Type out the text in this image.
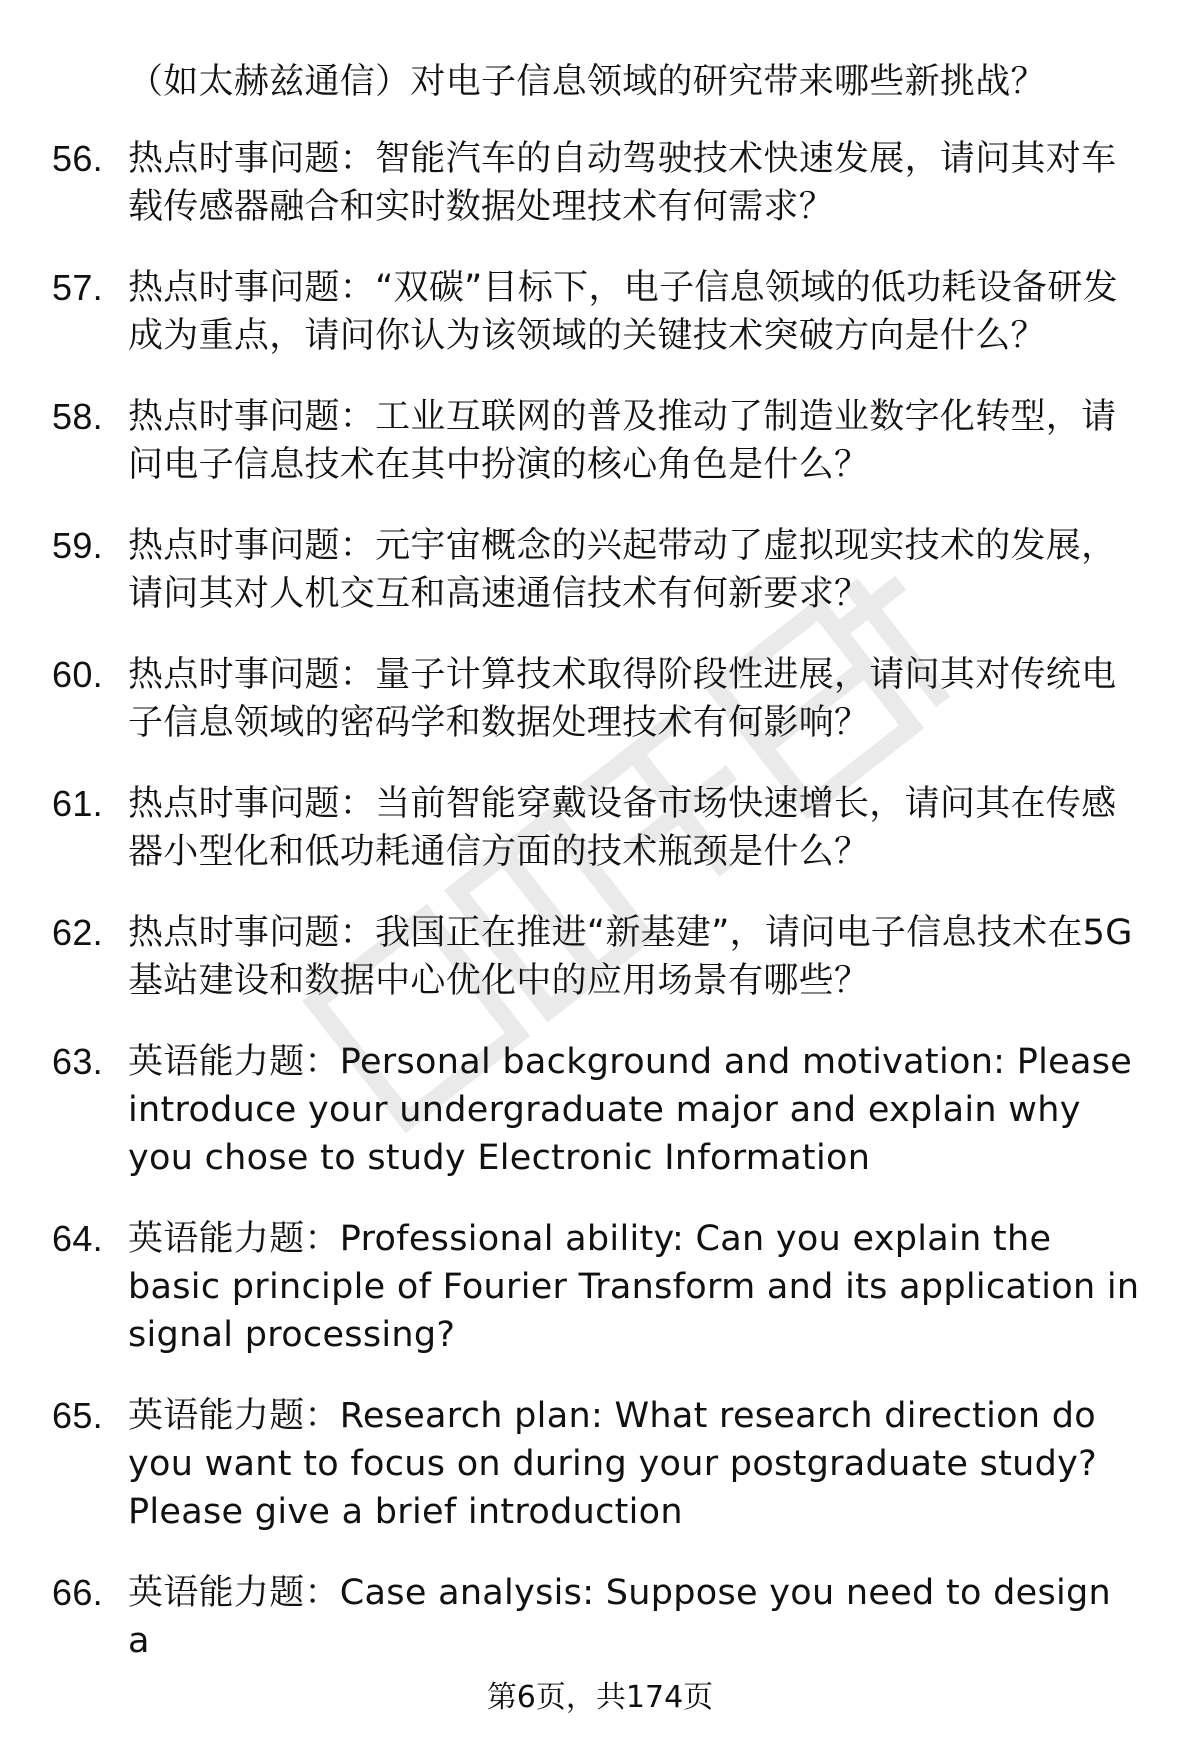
（如太赫兹通信）对电子信息领域的研究带来哪些新挑战？
56. 热点时事问题：智能汽车的自动驾驶技术快速发展，请问其对车载传感器融合和实时数据处理技术有何需求？
57. 热点时事问题：“双碳”目标下，电子信息领域的低功耗设备研发成为重点，请问你认为该领域的关键技术突破方向是什么？
58. 热点时事问题：工业互联网的普及推动了制造业数字化转型，请问电子信息技术在其中扮演的核心角色是什么？
59. 热点时事问题：元宇宙概念的兴起带动了虚拟现实技术的发展，请问其对人机交互和高速通信技术有何新要求？
60. 热点时事问题：量子计算技术取得阶段性进展，请问其对传统电子信息领域的密码学和数据处理技术有何影响？
61. 热点时事问题：当前智能穿戴设备市场快速增长，请问其在传感器小型化和低功耗通信方面的技术瓶颈是什么？
62. 热点时事问题：我国正在推进“新基建”，请问电子信息技术在5G基站建设和数据中心优化中的应用场景有哪些？
63. 英语能力题：Personal background and motivation: Please introduce your undergraduate major and explain why you chose to study Electronic Information
64. 英语能力题：Professional ability: Can you explain the basic principle of Fourier Transform and its application in signal processing?
65. 英语能力题：Research plan: What research direction do you want to focus on during your postgraduate study? Please give a brief introduction
66. 英语能力题：Case analysis: Suppose you need to design a
第6页，共174页
